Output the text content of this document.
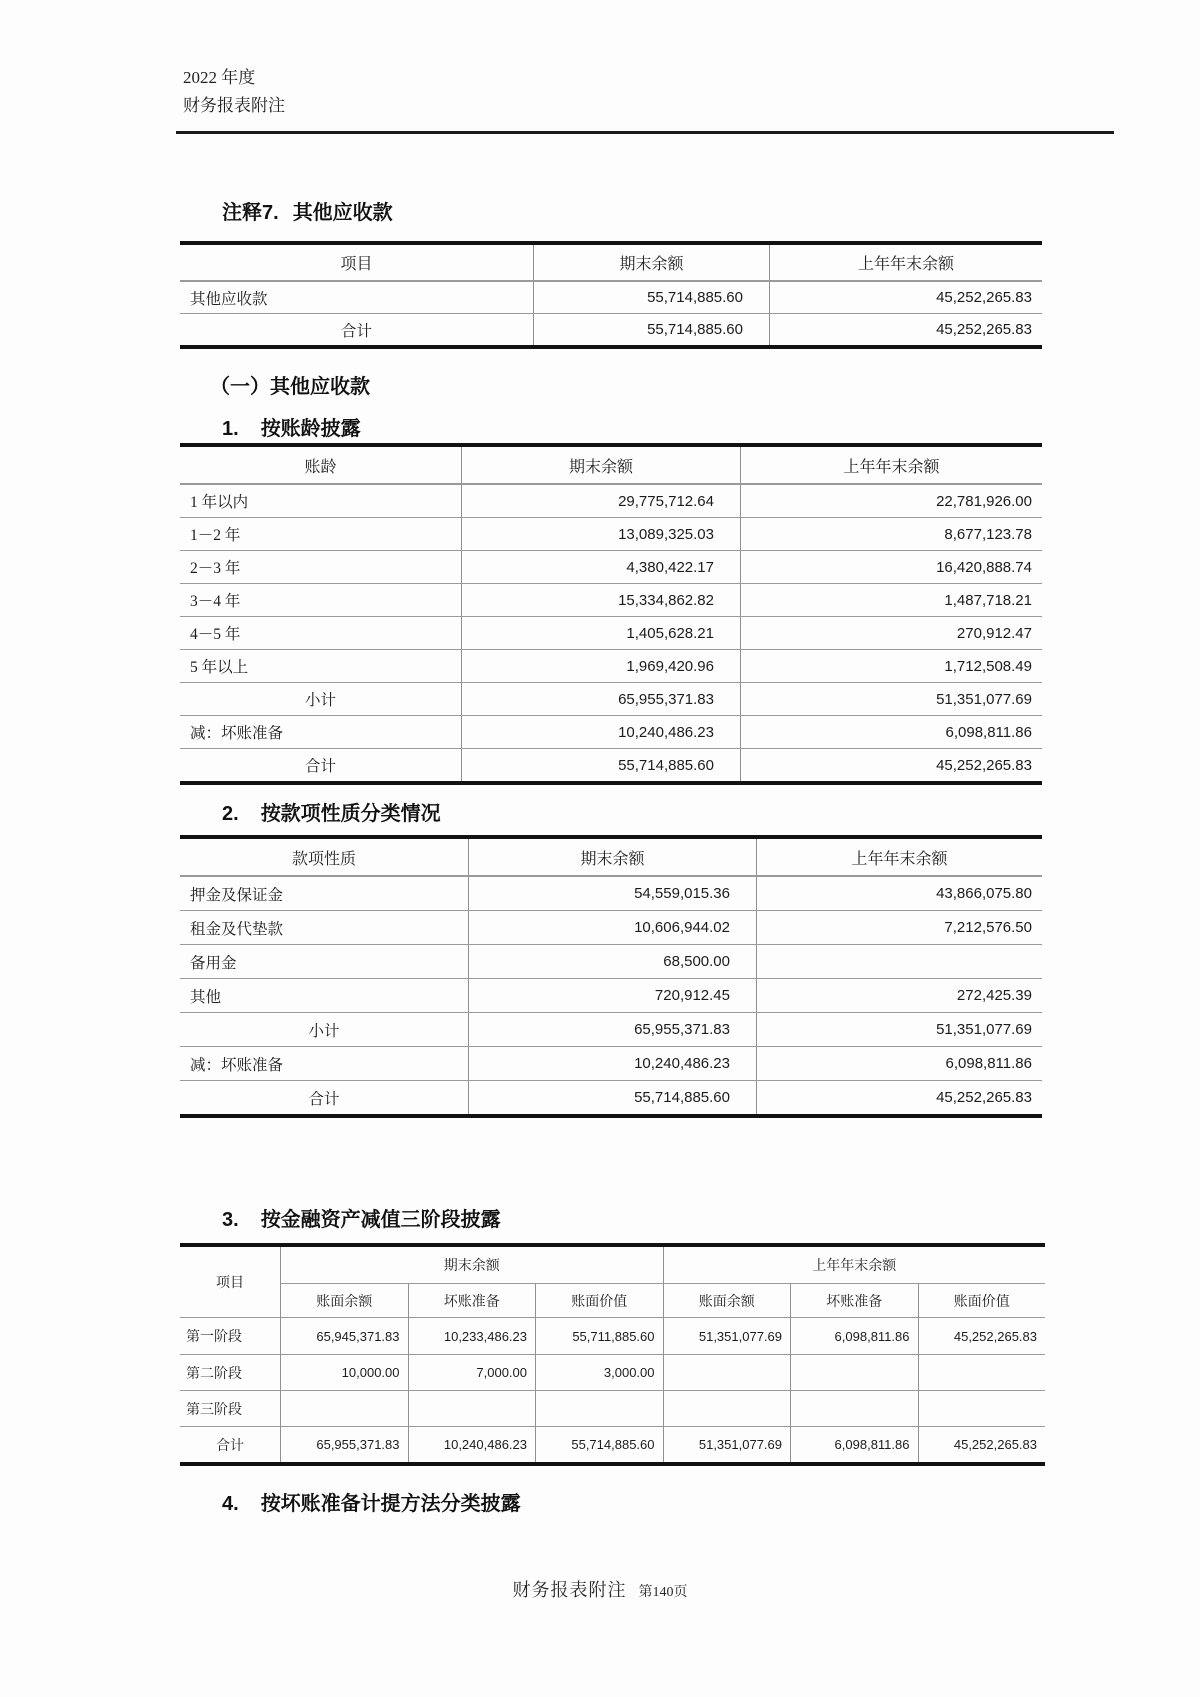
2022 年度
财务报表附注
注释7. 其他应收款
项目	期末余额	上年年末余额
其他应收款	55,714,885.60	45,252,265.83
合计	55,714,885.60	45,252,265.83
（一）其他应收款
1. 按账龄披露
账龄	期末余额	上年年末余额
1 年以内	29,775,712.64	22,781,926.00
1－2 年	13,089,325.03	8,677,123.78
2－3 年	4,380,422.17	16,420,888.74
3－4 年	15,334,862.82	1,487,718.21
4－5 年	1,405,628.21	270,912.47
5 年以上	1,969,420.96	1,712,508.49
小计	65,955,371.83	51,351,077.69
减：坏账准备	10,240,486.23	6,098,811.86
合计	55,714,885.60	45,252,265.83
2. 按款项性质分类情况
款项性质	期末余额	上年年末余额
押金及保证金	54,559,015.36	43,866,075.80
租金及代垫款	10,606,944.02	7,212,576.50
备用金	68,500.00
其他	720,912.45	272,425.39
小计	65,955,371.83	51,351,077.69
减：坏账准备	10,240,486.23	6,098,811.86
合计	55,714,885.60	45,252,265.83
3. 按金融资产减值三阶段披露
项目
期末余额	上年年末余额
账面余额	坏账准备	账面价值	账面余额	坏账准备	账面价值
第一阶段	65,945,371.83	10,233,486.23	55,711,885.60	51,351,077.69	6,098,811.86	45,252,265.83
第二阶段	10,000.00	7,000.00	3,000.00
第三阶段
合计	65,955,371.83	10,240,486.23	55,714,885.60	51,351,077.69	6,098,811.86	45,252,265.83
4. 按坏账准备计提方法分类披露
财务报表附注 第140页
